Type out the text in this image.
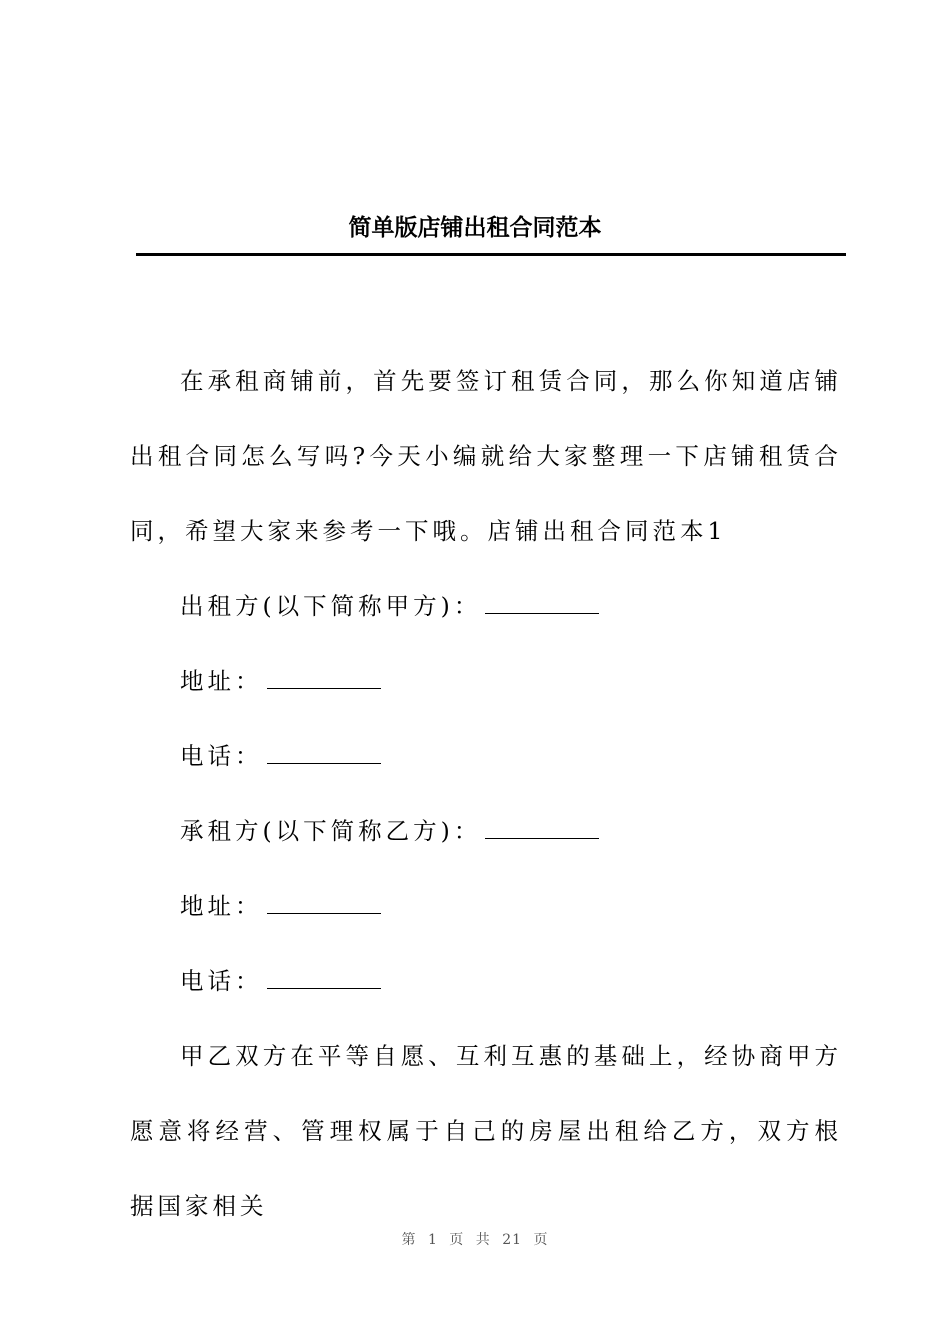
简单版店铺出租合同范本

在承租商铺前，首先要签订租赁合同，那么你知道店铺出租合同怎么写吗?今天小编就给大家整理一下店铺租赁合同，希望大家来参考一下哦。店铺出租合同范本1

出租方(以下简称甲方)：

地址：

电话：

承租方(以下简称乙方)：

地址：

电话：

甲乙双方在平等自愿、互利互惠的基础上，经协商甲方愿意将经营、管理权属于自己的房屋出租给乙方，双方根据国家相关

第 1 页 共 21 页
